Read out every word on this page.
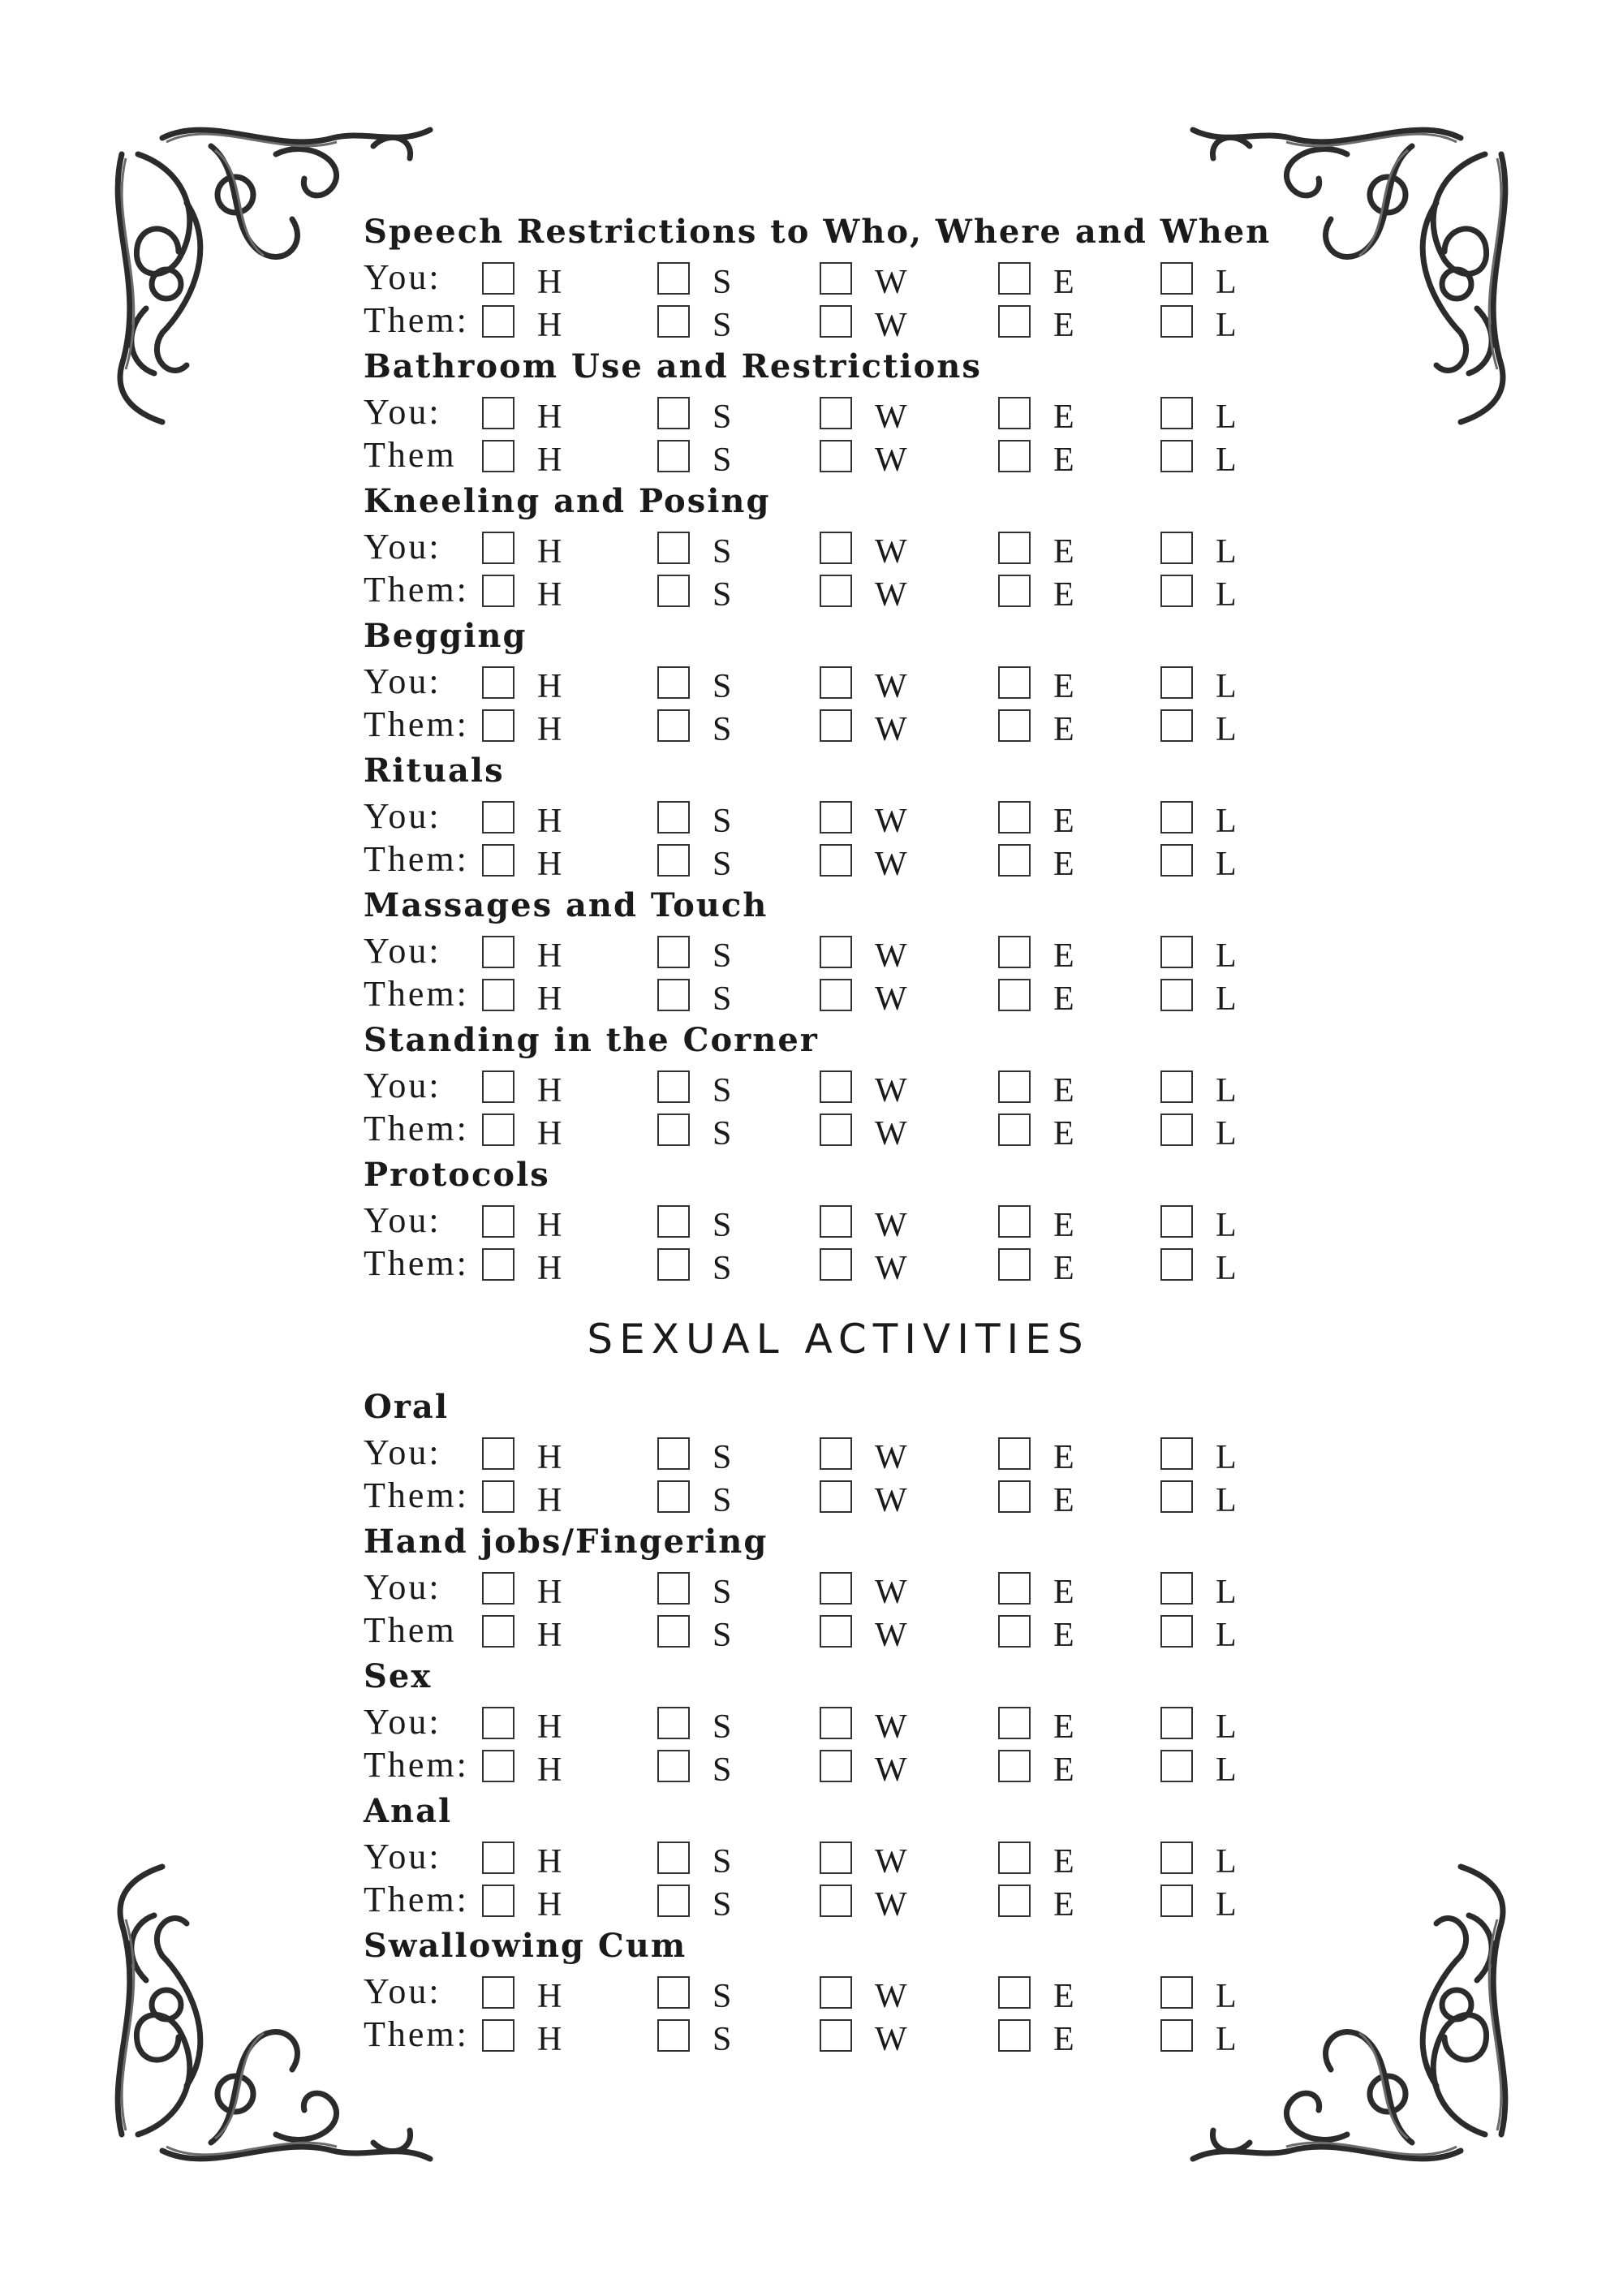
Speech Restrictions to Who, Where and When
You:	H	S	W	E	L
Them: H	S	W	E	L
Bathroom Use and Restrictions
You:	H	S	W	E	L
Them H	S	W	E	L
Kneeling and Posing
You:	H	S	W	E	L
Them: H	S	W	E	L
Begging
You:	H	S	W	E	L
Them: H	S	W	E	L
Rituals
You:	H	S	W	E	L
Them: H	S	W	E	L
Massages and Touch
You:	H	S	W	E	L
Them: H	S	W	E	L
Standing in the Corner
You:	H	S	W	E	L
Them: H	S	W	E	L
Protocols
You:	H	S	W	E	L
Them: H	S	W	E	L
SEXUAL ACTIVITIES
Oral
You:	H	S	W	E	L
Them: H	S	W	E	L
Hand jobs/Fingering
You:	H	S	W	E	L
Them H	S	W	E	L
Sex
You:	H	S	W	E	L
Them: H	S	W	E	L
Anal
You:	H	S	W	E	L
Them: H	S	W	E	L
Swallowing Cum
You:	H	S	W	E	L
Them: H	S	W	E	L
